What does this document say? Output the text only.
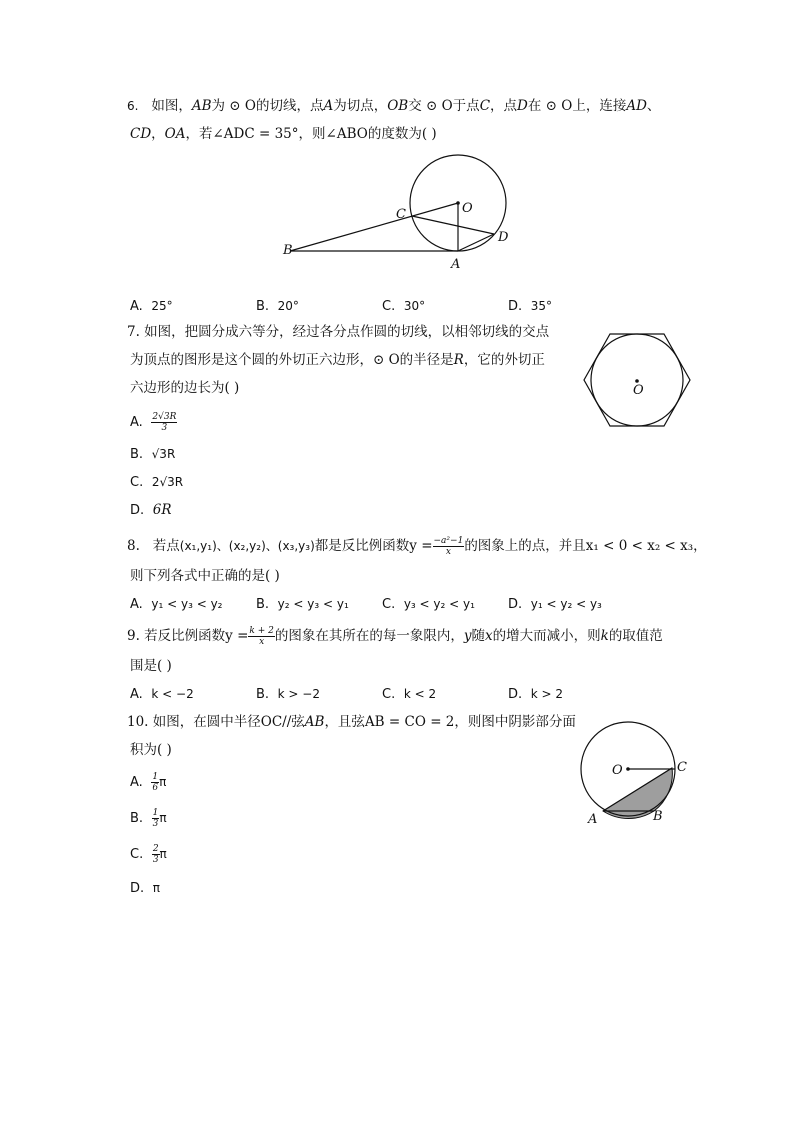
6. 如图，AB为 ⊙ O的切线，点A为切点，OB交 ⊙ O于点C，点D在 ⊙ O上，连接AD、
CD，OA，若∠ADC = 35°，则∠ABO的度数为( )
B
C	O
D
A
A. 25°	B. 20°	C. 30°	D. 35°
7. 如图，把圆分成六等分，经过各分点作圆的切线，以相邻切线的交点
为顶点的图形是这个圆的外切正六边形，⊙ O的半径是R，它的外切正
六边形的边长为( )	O
A. $\frac{2√3R}{3}$
B. √3R
C. 2√3R
D. 6R
8.   若点(x₁,y₁)、(x₂,y₂)、(x₃,y₃)都是反比例函数$y = \frac{\text{−a²−1}}{x}$ 的图象上的点，并且x₁ < 0 < x₂ < x₃，
则下列各式中正确的是( )
A. y₁ < y₃ < y₂	B. y₂ < y₃ < y₁	C. y₃ < y₂ < y₁	D. y₁ < y₂ < y₃
9. 若反比例函数$y = \frac{k + 2}{x}$ 的图象在其所在的每一象限内，y随x的增大而减小，则k的取值范
围是( )
A. k < −2	B. k > −2	C. k < 2	D. k > 2
10. 如图，在圆中半径OC//弦AB，且弦AB = CO = 2，则图中阴影部分面
积为( )
O	C
A	B
A. $\frac{1}{6}$ π
B. $\frac{1}{3}$ π
C. $\frac{2}{3}$ π
D. π
